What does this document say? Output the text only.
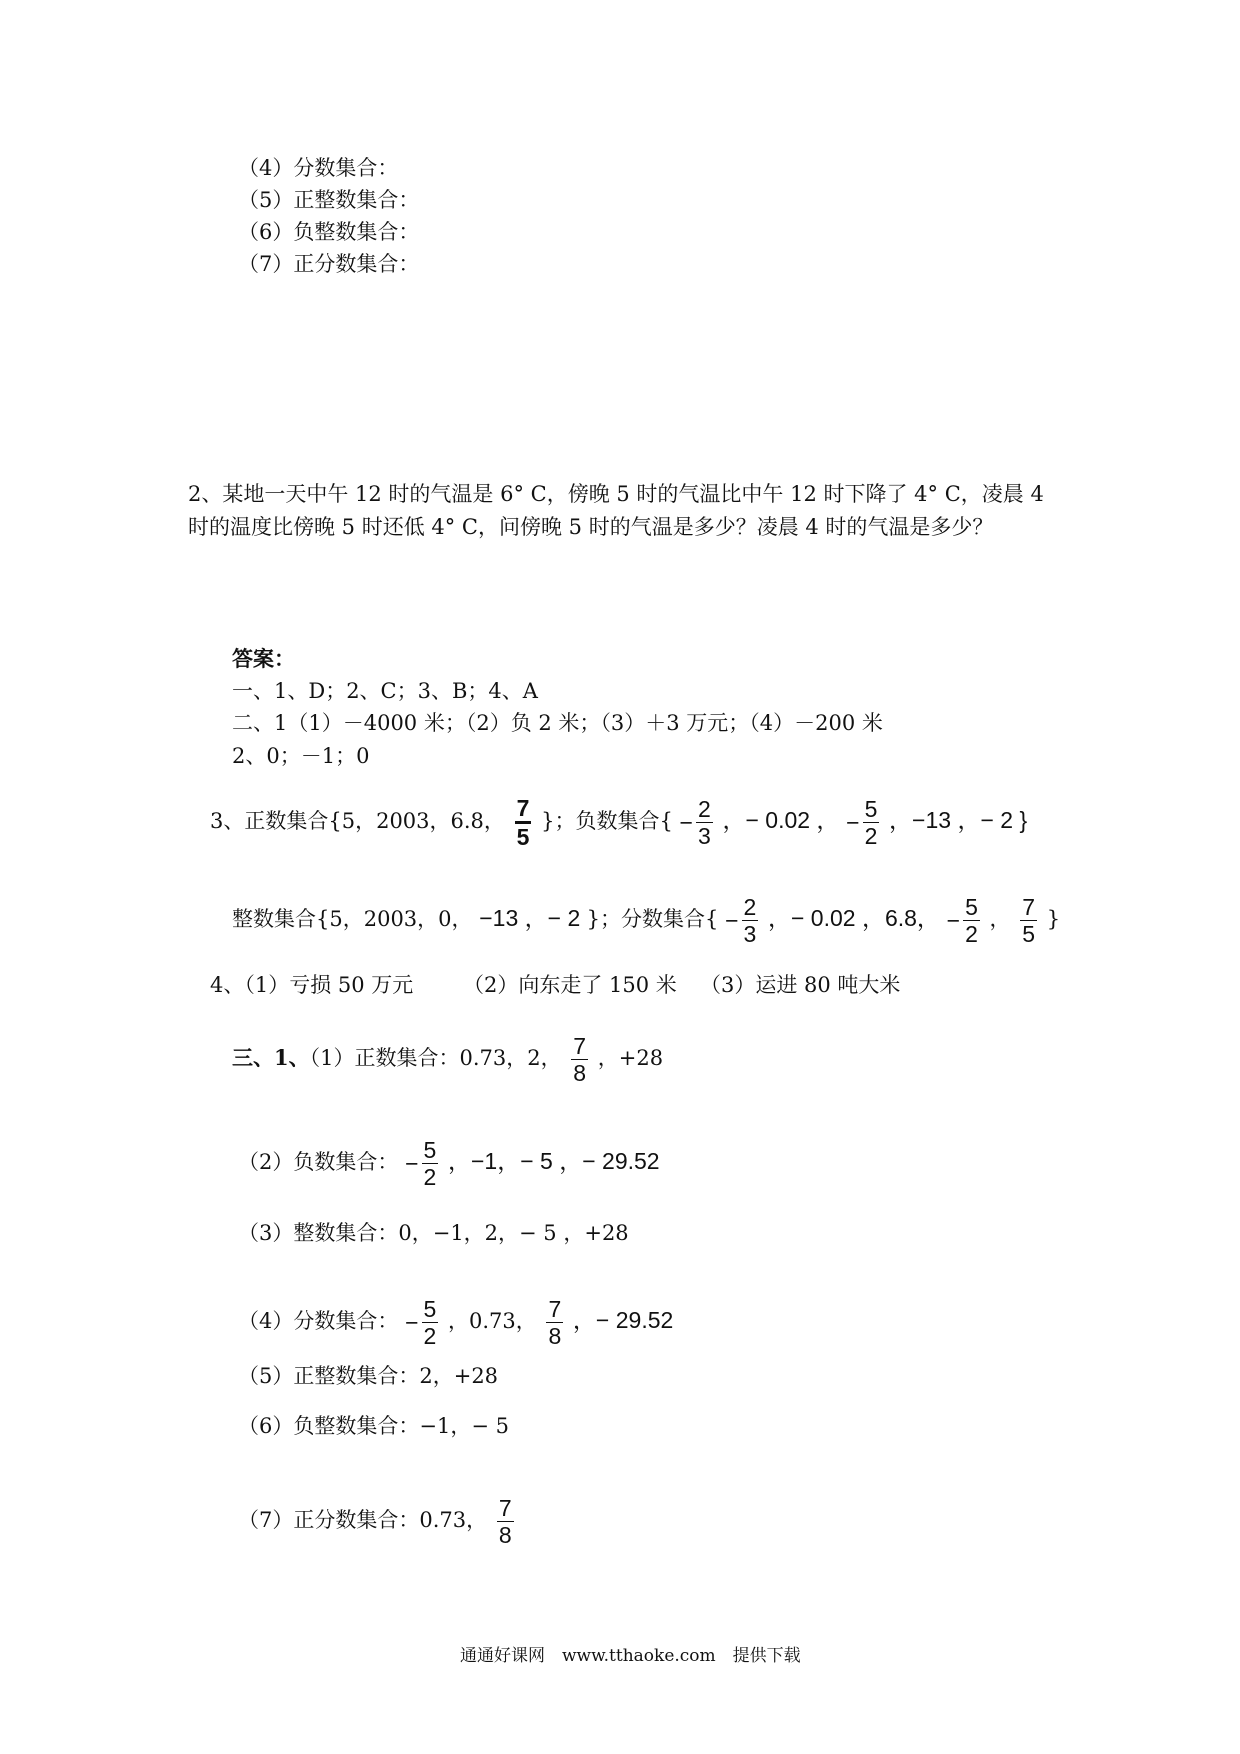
（4）分数集合：
（5）正整数集合：
（6）负整数集合：
（7）正分数集合：
2、某地一天中午 12 时的气温是 6° C，傍晚 5 时的气温比中午 12 时下降了 4° C，凌晨 4
时的温度比傍晚 5 时还低 4° C，问傍晚 5 时的气温是多少？凌晨 4 时的气温是多少？
答案：
一、1、D；2、C；3、B；4、A
二、1（1）－4000 米；（2）负 2 米；（3）＋3 万元；（4）－200 米
2、0；－1；0
3、正数集合{5，2003，6.8， $\frac{7}{5}$ }；负数集合{ − $\frac{2}{3}$ ，− 0.02 ， − $\frac{5}{2}$ ，−13 ，− 2 }
整数集合{5，2003，0， −13 ，− 2 }；分数集合{ − $\frac{2}{3}$ ，− 0.02 ，6.8， − $\frac{5}{2}$ ， $\frac{7}{5}$ }
4、（1）亏损 50 万元 （2）向东走了 150 米 （3）运进 80 吨大米
三、1、（1）正数集合：0.73，2， $\frac{7}{8}$ ，+28
（2）负数集合： − $\frac{5}{2}$ ，−1，− 5 ，− 29.52
（3）整数集合：0，−1，2，− 5 ，+28
（4）分数集合： − $\frac{5}{2}$ ，0.73， $\frac{7}{8}$ ，− 29.52
（5）正整数集合：2，+28
（6）负整数集合：−1，− 5
（7）正分数集合：0.73， $\frac{7}{8}$
通通好课网　www.tthaoke.com　提供下载
